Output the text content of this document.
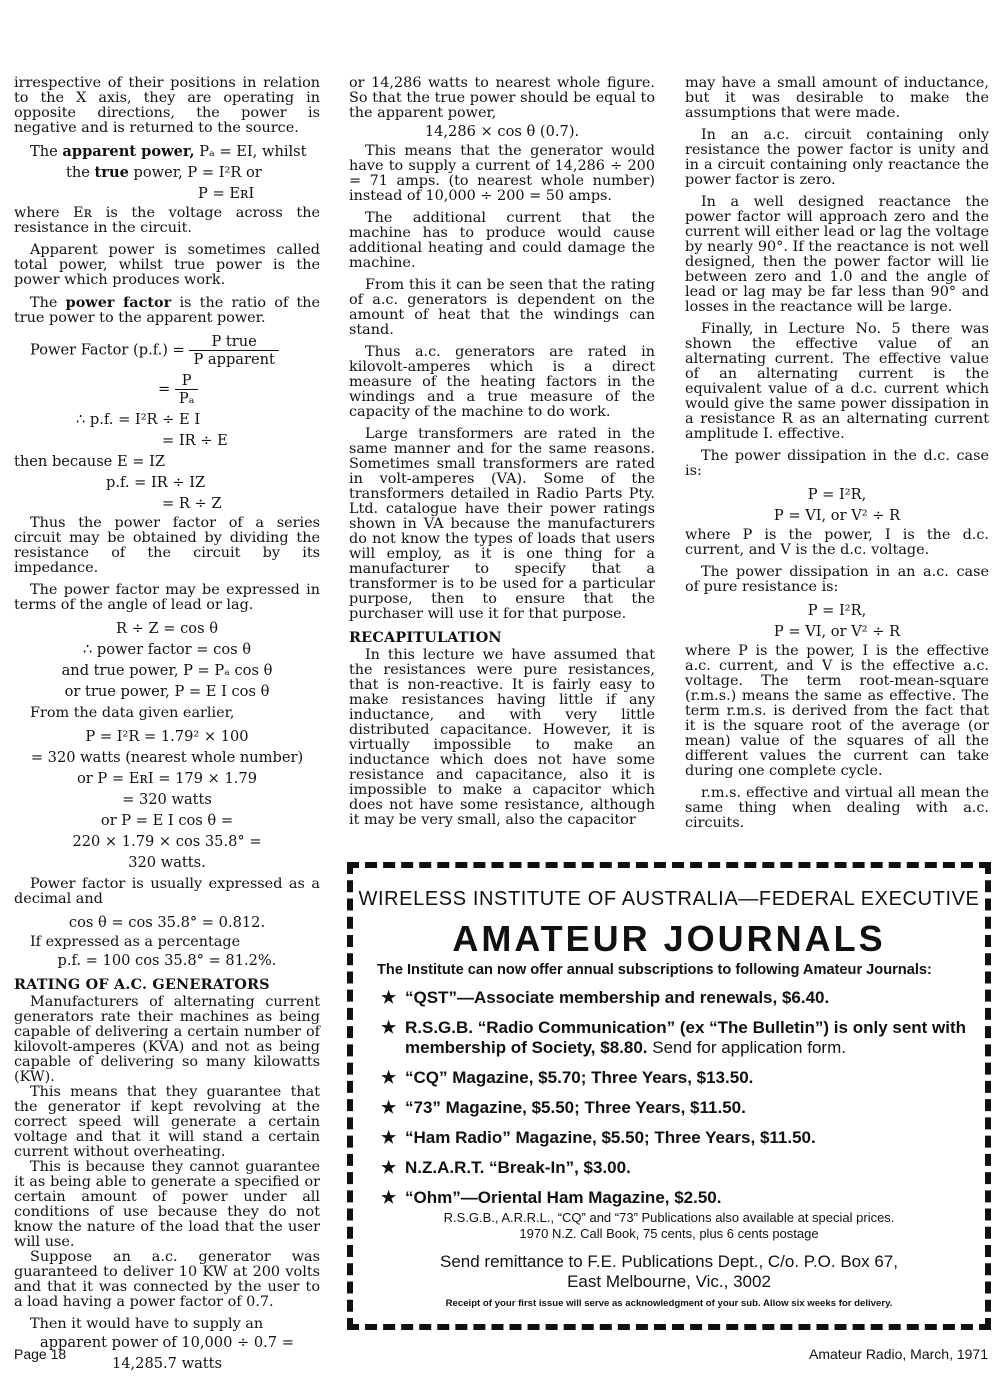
irrespective of their positions in relation to the X axis, they are operating in opposite directions, the power is negative and is returned to the source.

The apparent power, Pₐ = EI, whilst
the true power, P = I²R or
P = EʀI

where Eʀ is the voltage across the resistance in the circuit.

Apparent power is sometimes called total power, whilst true power is the power which produces work.

The power factor is the ratio of the true power to the apparent power.

Power Factor $(p.f.) = \frac{\text{P true}}{\text{P apparent}}$
= $\frac{P}{\text{Pₐ}}$
∴ p.f. = I²R ÷ E I
= IR ÷ E
then because E = IZ
p.f. = IR ÷ IZ
= R ÷ Z

Thus the power factor of a series circuit may be obtained by dividing the resistance of the circuit by its impedance.

The power factor may be expressed in terms of the angle of lead or lag.

R ÷ Z = cos θ
∴ power factor = cos θ
and true power, P = Pₐ cos θ
or true power, P = E I cos θ

From the data given earlier,

P = I²R = 1.79² × 100
= 320 watts (nearest whole number)
or P = EʀI = 179 × 1.79
= 320 watts
or P = E I cos θ =
220 × 1.79 × cos 35.8° =
320 watts.

Power factor is usually expressed as a decimal and

cos θ = cos 35.8° = 0.812.

If expressed as a percentage

p.f. = 100 cos 35.8° = 81.2%.
RATING OF A.C. GENERATORS

Manufacturers of alternating current generators rate their machines as being capable of delivering a certain number of kilovolt-amperes (KVA) and not as being capable of delivering so many kilowatts (KW).

This means that they guarantee that the generator if kept revolving at the correct speed will generate a certain voltage and that it will stand a certain current without overheating.

This is because they cannot guarantee it as being able to generate a specified or certain amount of power under all conditions of use because they do not know the nature of the load that the user will use.

Suppose an a.c. generator was guaranteed to deliver 10 KW at 200 volts and that it was connected by the user to a load having a power factor of 0.7.

Then it would have to supply an

apparent power of 10,000 ÷ 0.7 =
14,285.7 watts

or 14,286 watts to nearest whole figure. So that the true power should be equal to the apparent power,

14,286 × cos θ (0.7).

This means that the generator would have to supply a current of 14,286 ÷ 200 = 71 amps. (to nearest whole number) instead of 10,000 ÷ 200 = 50 amps.

The additional current that the machine has to produce would cause additional heating and could damage the machine.

From this it can be seen that the rating of a.c. generators is dependent on the amount of heat that the windings can stand.

Thus a.c. generators are rated in kilovolt-amperes which is a direct measure of the heating factors in the windings and a true measure of the capacity of the machine to do work.

Large transformers are rated in the same manner and for the same reasons. Sometimes small transformers are rated in volt-amperes (VA). Some of the transformers detailed in Radio Parts Pty. Ltd. catalogue have their power ratings shown in VA because the manufacturers do not know the types of loads that users will employ, as it is one thing for a manufacturer to specify that a transformer is to be used for a particular purpose, then to ensure that the purchaser will use it for that purpose.

RECAPITULATION

In this lecture we have assumed that the resistances were pure resistances, that is non-reactive. It is fairly easy to make resistances having little if any inductance, and with very little distributed capacitance. However, it is virtually impossible to make an inductance which does not have some resistance and capacitance, also it is impossible to make a capacitor which does not have some resistance, although it may be very small, also the capacitor

may have a small amount of inductance, but it was desirable to make the assumptions that were made.

In an a.c. circuit containing only resistance the power factor is unity and in a circuit containing only reactance the power factor is zero.

In a well designed reactance the power factor will approach zero and the current will either lead or lag the voltage by nearly 90°. If the reactance is not well designed, then the power factor will lie between zero and 1.0 and the angle of lead or lag may be far less than 90° and losses in the reactance will be large.

Finally, in Lecture No. 5 there was shown the effective value of an alternating current. The effective value of an alternating current is the equivalent value of a d.c. current which would give the same power dissipation in a resistance R as an alternating current amplitude I. effective.

The power dissipation in the d.c. case is:

P = I²R,
P = VI, or V² ÷ R

where P is the power, I is the d.c. current, and V is the d.c. voltage.

The power dissipation in an a.c. case of pure resistance is:

P = I²R,
P = VI, or V² ÷ R

where P is the power, I is the effective a.c. current, and V is the effective a.c. voltage. The term root-mean-square (r.m.s.) means the same as effective. The term r.m.s. is derived from the fact that it is the square root of the average (or mean) value of the squares of all the different values the current can take during one complete cycle.

r.m.s. effective and virtual all mean the same thing when dealing with a.c. circuits.

WIRELESS INSTITUTE OF AUSTRALIA—FEDERAL EXECUTIVE
AMATEUR JOURNALS
The Institute can now offer annual subscriptions to following Amateur Journals:
★ “QST”—Associate membership and renewals, $6.40.
★ R.S.G.B. “Radio Communication” (ex “The Bulletin”) is only sent with membership of Society, $8.80. Send for application form.
★ “CQ” Magazine, $5.70; Three Years, $13.50.
★ “73” Magazine, $5.50; Three Years, $11.50.
★ “Ham Radio” Magazine, $5.50; Three Years, $11.50.
★ N.Z.A.R.T. “Break-In”, $3.00.
★ “Ohm”—Oriental Ham Magazine, $2.50.
R.S.G.B., A.R.R.L., “CQ” and “73” Publications also available at special prices.
1970 N.Z. Call Book, 75 cents, plus 6 cents postage
Send remittance to F.E. Publications Dept., C/o. P.O. Box 67,
East Melbourne, Vic., 3002
Receipt of your first issue will serve as acknowledgment of your sub. Allow six weeks for delivery.
Page 18	Amateur Radio, March, 1971
